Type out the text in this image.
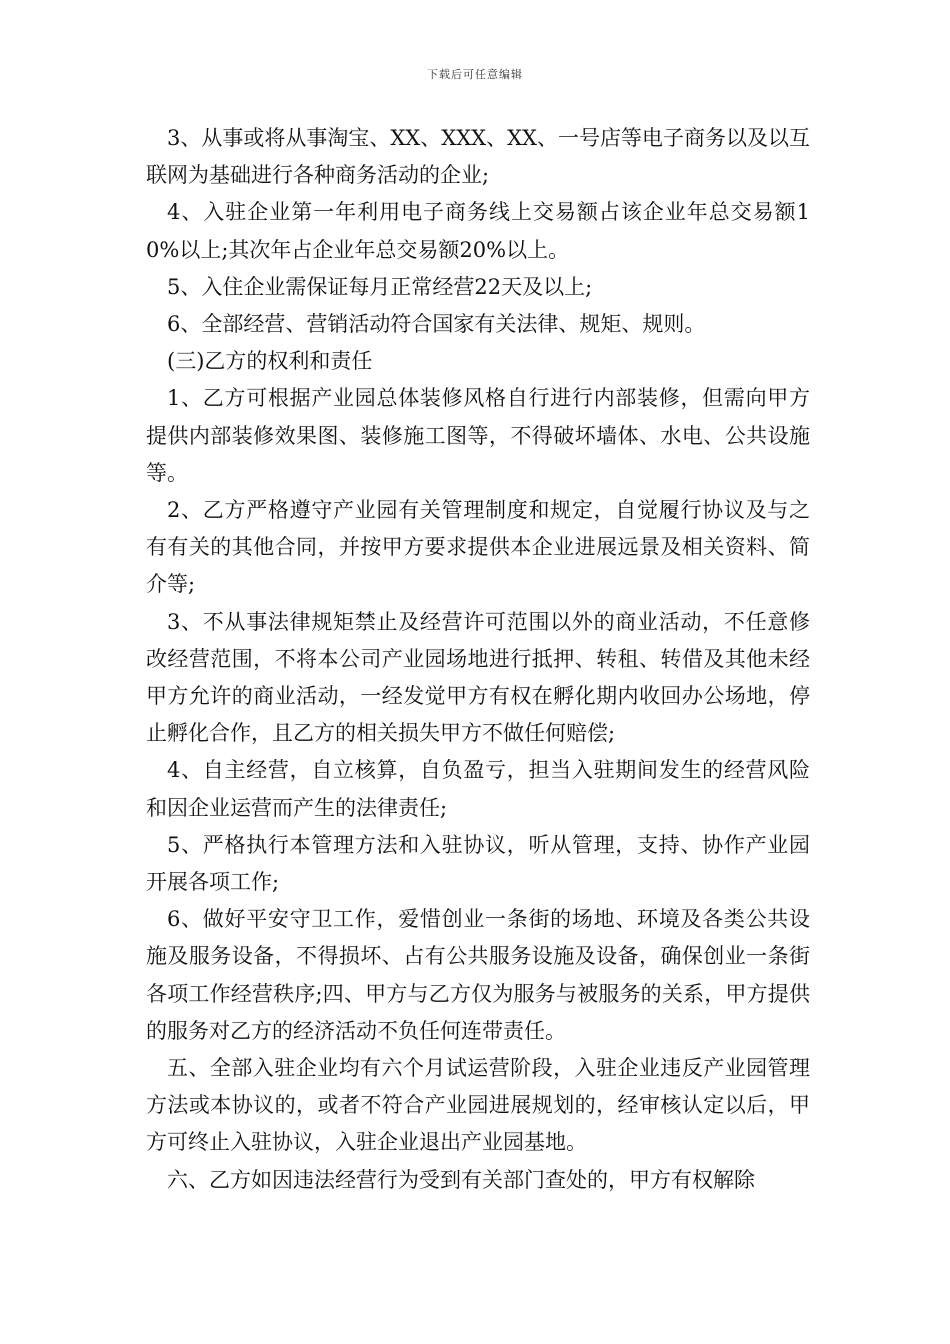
下载后可任意编辑

3、从事或将从事淘宝、XX、XXX、XX、一号店等电子商务以及以互联网为基础进行各种商务活动的企业;

4、入驻企业第一年利用电子商务线上交易额占该企业年总交易额10%以上;其次年占企业年总交易额20%以上。

5、入住企业需保证每月正常经营22天及以上;

6、全部经营、营销活动符合国家有关法律、规矩、规则。

(三)乙方的权利和责任

1、乙方可根据产业园总体装修风格自行进行内部装修，但需向甲方提供内部装修效果图、装修施工图等，不得破坏墙体、水电、公共设施等。

2、乙方严格遵守产业园有关管理制度和规定，自觉履行协议及与之有有关的其他合同，并按甲方要求提供本企业进展远景及相关资料、简介等;

3、不从事法律规矩禁止及经营许可范围以外的商业活动，不任意修改经营范围，不将本公司产业园场地进行抵押、转租、转借及其他未经甲方允许的商业活动，一经发觉甲方有权在孵化期内收回办公场地，停止孵化合作，且乙方的相关损失甲方不做任何赔偿;

4、自主经营，自立核算，自负盈亏，担当入驻期间发生的经营风险和因企业运营而产生的法律责任;

5、严格执行本管理方法和入驻协议，听从管理，支持、协作产业园开展各项工作;

6、做好平安守卫工作，爱惜创业一条街的场地、环境及各类公共设施及服务设备，不得损坏、占有公共服务设施及设备，确保创业一条街各项工作经营秩序;四、甲方与乙方仅为服务与被服务的关系，甲方提供的服务对乙方的经济活动不负任何连带责任。

五、全部入驻企业均有六个月试运营阶段，入驻企业违反产业园管理方法或本协议的，或者不符合产业园进展规划的，经审核认定以后，甲方可终止入驻协议，入驻企业退出产业园基地。

六、乙方如因违法经营行为受到有关部门查处的，甲方有权解除
